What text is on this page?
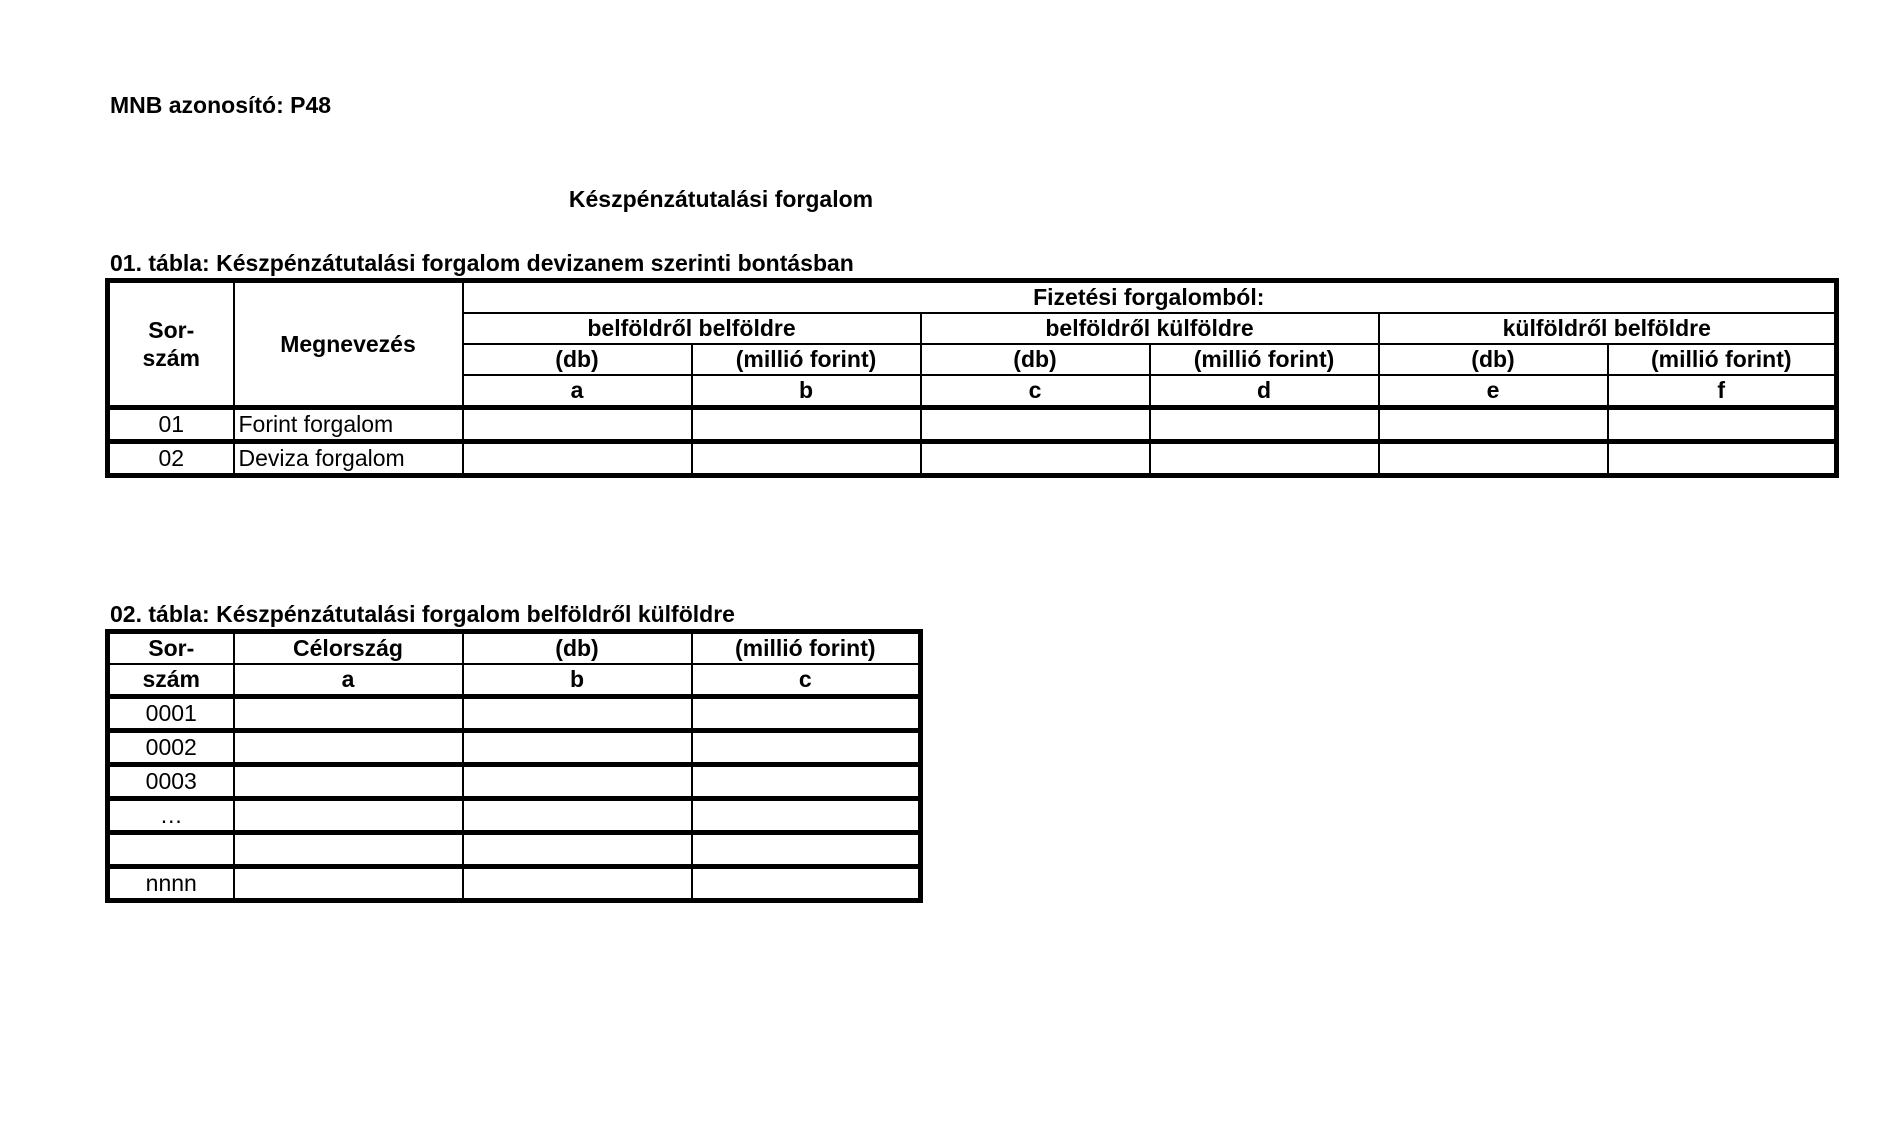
MNB azonosító: P48
Készpénzátutalási forgalom
01. tábla: Készpénzátutalási forgalom devizanem szerinti bontásban
Sor-
szám	Megnevezés	Fizetési forgalomból:					
		belföldről belföldre		belföldről külföldre		külföldről belföldre	
		(db)	(millió forint)	(db)	(millió forint)	(db)	(millió forint)
		a	b	c	d	e	f
01	Forint forgalom						
02	Deviza forgalom						
02. tábla: Készpénzátutalási forgalom belföldről külföldre
Sor-	Célország	(db)	(millió forint)
szám	a	b	c
0001			
0002			
0003			
…			

nnnn			
